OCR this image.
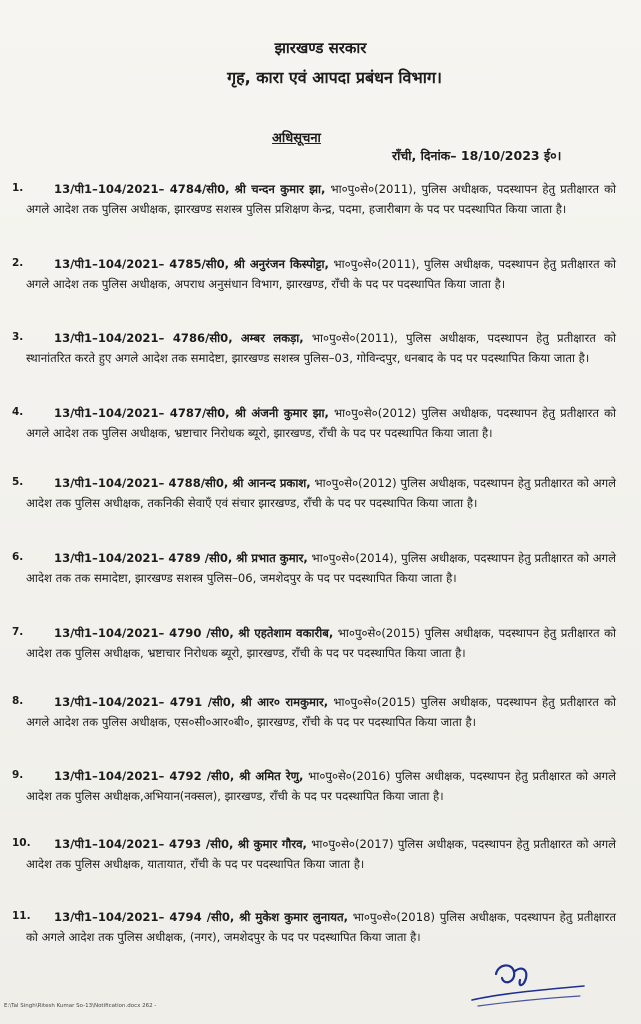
झारखण्ड सरकार
गृह, कारा एवं आपदा प्रबंधन विभाग।
अधिसूचना
राँची, दिनांक– 18/10/2023 ई०।
1.	13/पी1–104/2021– 4784/सी0, श्री चन्दन कुमार झा, भा०पु०से०(2011), पुलिस अधीक्षक, पदस्थापन हेतु प्रतीक्षारत को अगले आदेश तक पुलिस अधीक्षक, झारखण्ड सशस्त्र पुलिस प्रशिक्षण केन्द्र, पदमा, हजारीबाग के पद पर पदस्थापित किया जाता है।
2.	13/पी1–104/2021– 4785/सी0, श्री अनुरंजन किस्पोट्टा, भा०पु०से०(2011), पुलिस अधीक्षक, पदस्थापन हेतु प्रतीक्षारत को अगले आदेश तक पुलिस अधीक्षक, अपराध अनुसंधान विभाग, झारखण्ड, राँची के पद पर पदस्थापित किया जाता है।
3.	13/पी1–104/2021– 4786/सी0, अम्बर लकड़ा, भा०पु०से०(2011), पुलिस अधीक्षक, पदस्थापन हेतु प्रतीक्षारत को स्थानांतरित करते हुए अगले आदेश तक समादेष्टा, झारखण्ड सशस्त्र पुलिस–03, गोविन्दपुर, धनबाद के पद पर पदस्थापित किया जाता है।
4.	13/पी1–104/2021– 4787/सी0, श्री अंजनी कुमार झा, भा०पु०से०(2012) पुलिस अधीक्षक, पदस्थापन हेतु प्रतीक्षारत को अगले आदेश तक पुलिस अधीक्षक, भ्रष्टाचार निरोधक ब्यूरो, झारखण्ड, राँची के पद पर पदस्थापित किया जाता है।
5.	13/पी1–104/2021– 4788/सी0, श्री आनन्द प्रकाश, भा०पु०से०(2012) पुलिस अधीक्षक, पदस्थापन हेतु प्रतीक्षारत को अगले आदेश तक पुलिस अधीक्षक, तकनिकी सेवाएँ एवं संचार झारखण्ड, राँची के पद पर पदस्थापित किया जाता है।
6.	13/पी1–104/2021– 4789 /सी0, श्री प्रभात कुमार, भा०पु०से०(2014), पुलिस अधीक्षक, पदस्थापन हेतु प्रतीक्षारत को अगले आदेश तक तक समादेष्टा, झारखण्ड सशस्त्र पुलिस–06, जमशेदपुर के पद पर पदस्थापित किया जाता है।
7.	13/पी1–104/2021– 4790 /सी0, श्री एहतेशाम वकारीब, भा०पु०से०(2015) पुलिस अधीक्षक, पदस्थापन हेतु प्रतीक्षारत को आदेश तक पुलिस अधीक्षक, भ्रष्टाचार निरोधक ब्यूरो, झारखण्ड, राँची के पद पर पदस्थापित किया जाता है।
8.	13/पी1–104/2021– 4791 /सी0, श्री आर० रामकुमार, भा०पु०से०(2015) पुलिस अधीक्षक, पदस्थापन हेतु प्रतीक्षारत को अगले आदेश तक पुलिस अधीक्षक, एस०सी०आर०बी०, झारखण्ड, राँची के पद पर पदस्थापित किया जाता है।
9.	13/पी1–104/2021– 4792 /सी0, श्री अमित रेणु, भा०पु०से०(2016) पुलिस अधीक्षक, पदस्थापन हेतु प्रतीक्षारत को अगले आदेश तक पुलिस अधीक्षक,अभियान(नक्सल), झारखण्ड, राँची के पद पर पदस्थापित किया जाता है।
10.	13/पी1–104/2021– 4793 /सी0, श्री कुमार गौरव, भा०पु०से०(2017) पुलिस अधीक्षक, पदस्थापन हेतु प्रतीक्षारत को अगले आदेश तक पुलिस अधीक्षक, यातायात, राँची के पद पर पदस्थापित किया जाता है।
11.	13/पी1–104/2021– 4794 /सी0, श्री मुकेश कुमार लुनायत, भा०पु०से०(2018) पुलिस अधीक्षक, पदस्थापन हेतु प्रतीक्षारत को अगले आदेश तक पुलिस अधीक्षक, (नगर), जमशेदपुर के पद पर पदस्थापित किया जाता है।
E:\Tal Singh\Ritesh Kumar So-13\Notification.docx 262 -
